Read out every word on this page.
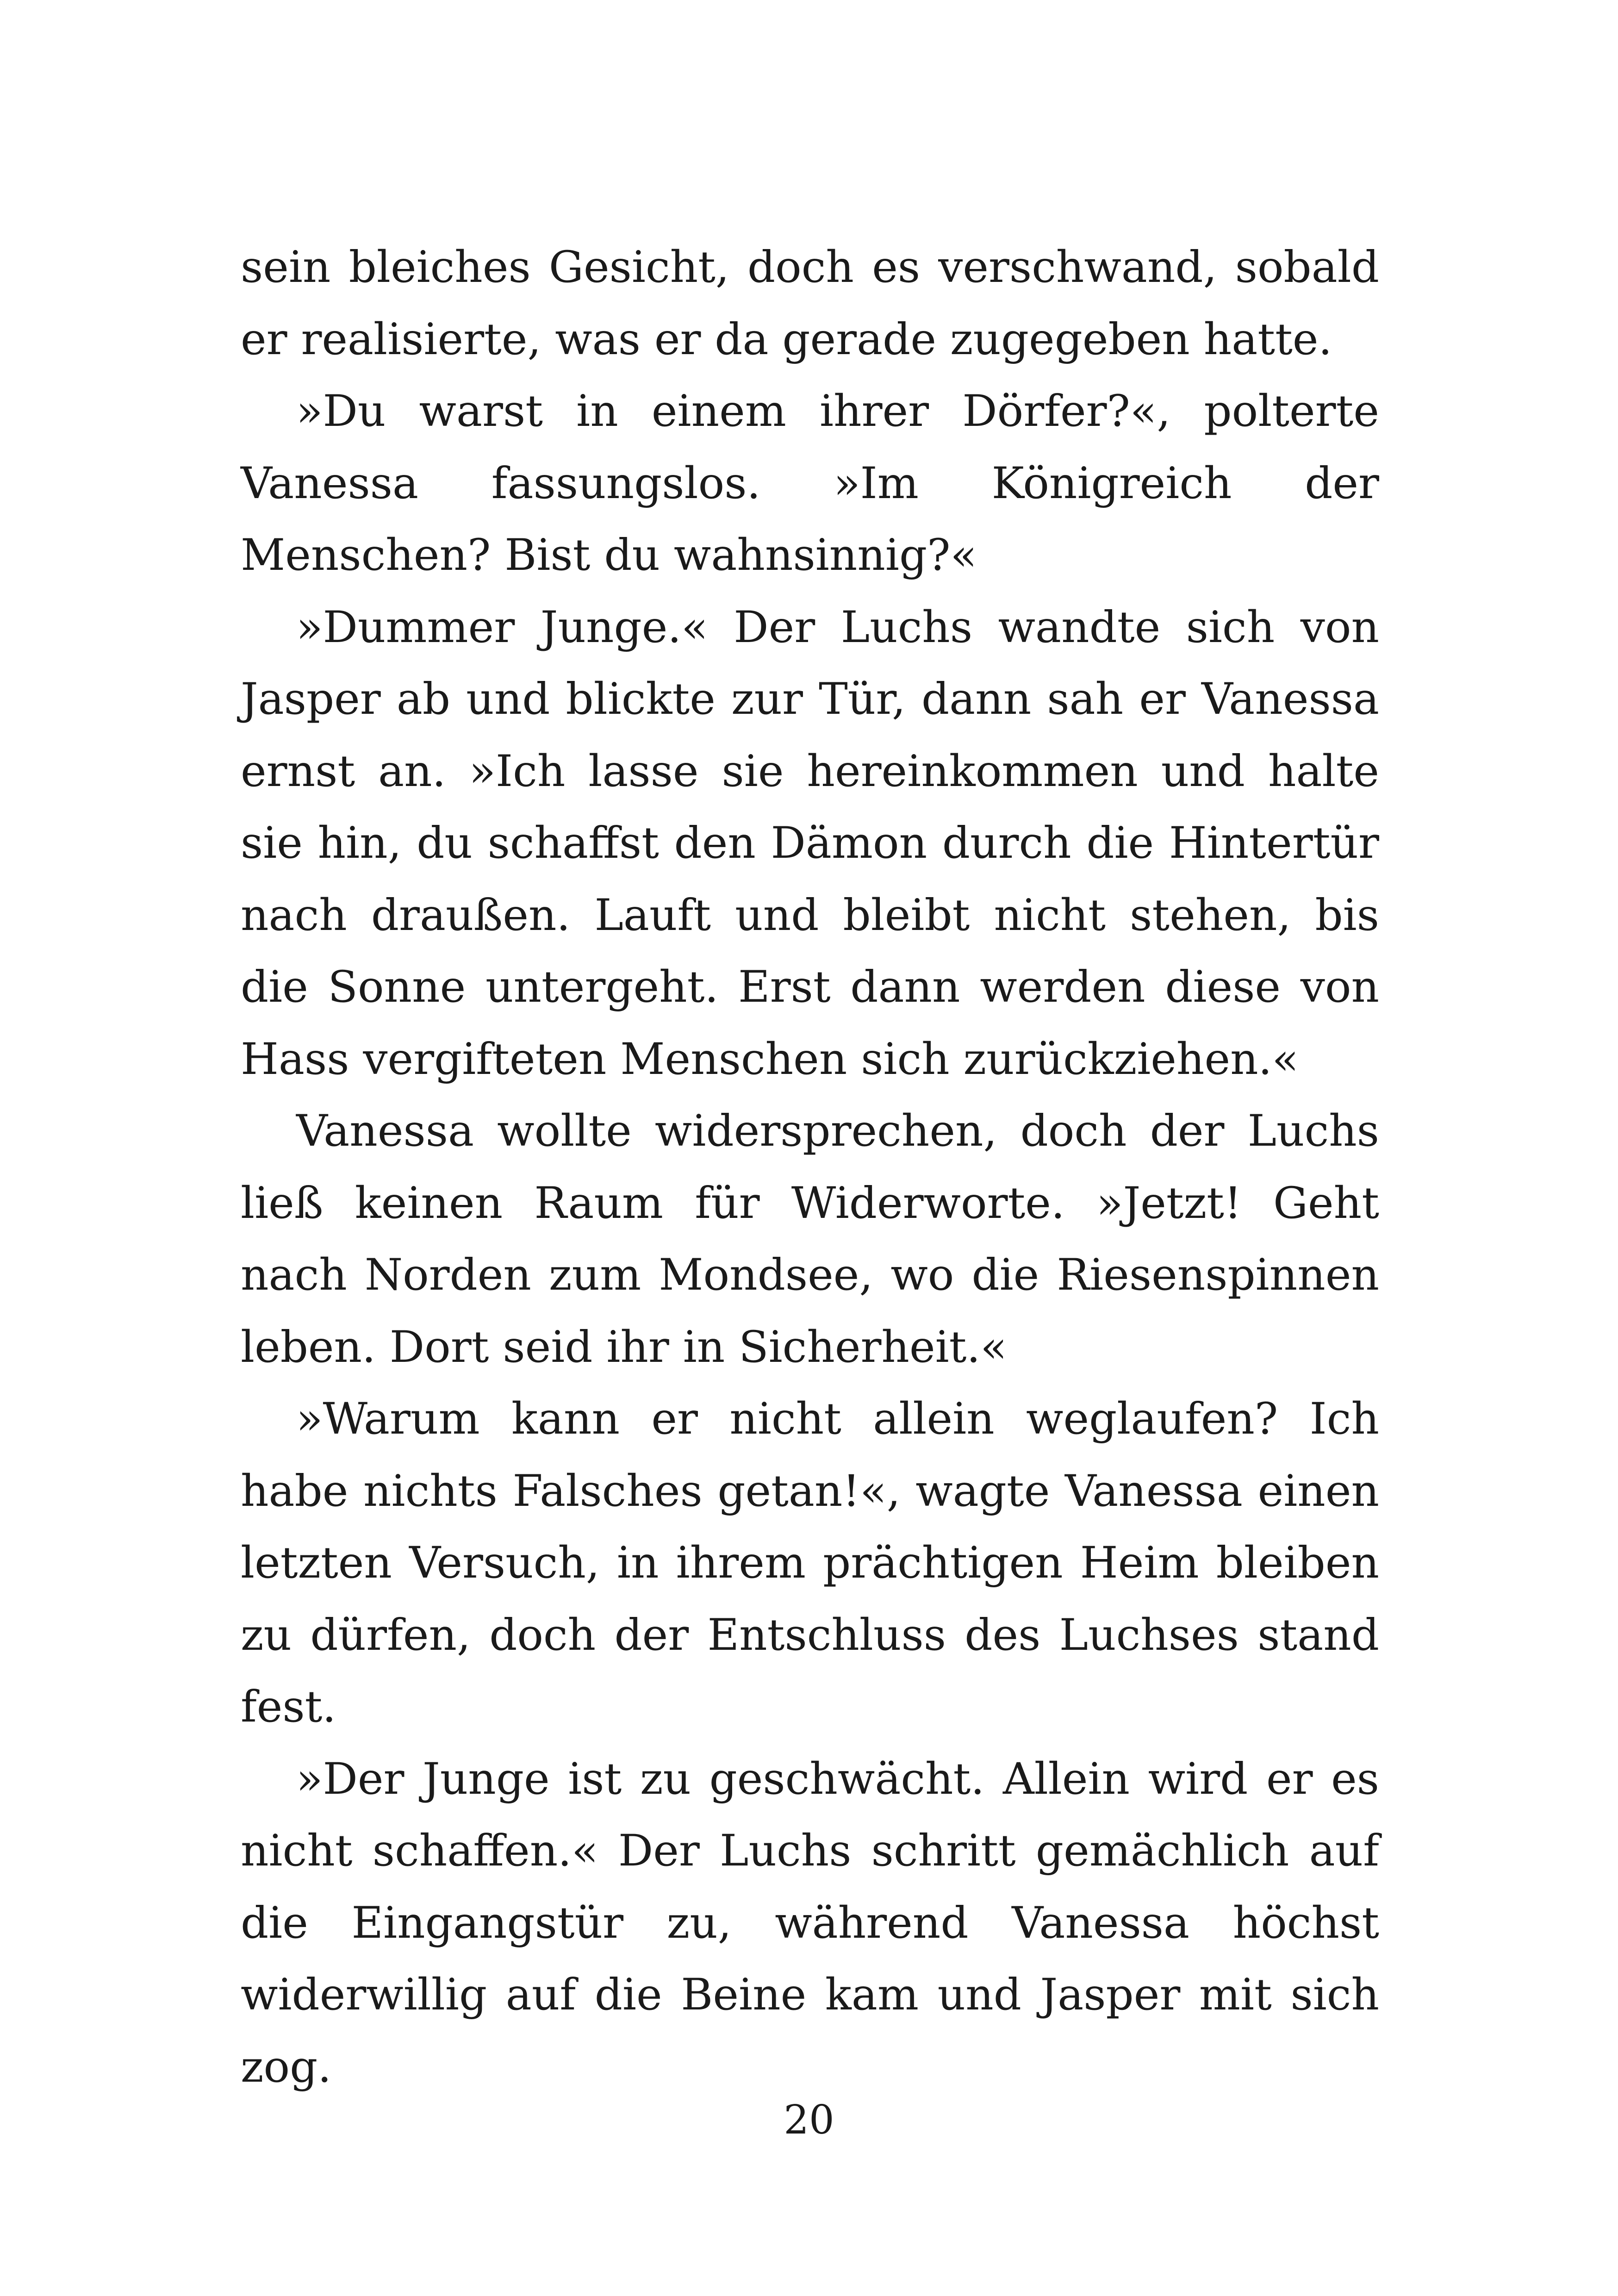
sein bleiches Gesicht, doch es verschwand, sobald er realisierte, was er da gerade zugegeben hatte.

»Du warst in einem ihrer Dörfer?«, polterte Vanessa fassungslos. »Im Königreich der Menschen? Bist du wahnsinnig?«

»Dummer Junge.« Der Luchs wandte sich von Jasper ab und blickte zur Tür, dann sah er Vanessa ernst an. »Ich lasse sie hereinkommen und halte sie hin, du schaffst den Dämon durch die Hintertür nach draußen. Lauft und bleibt nicht stehen, bis die Sonne untergeht. Erst dann werden diese von Hass vergifteten Menschen sich zurückziehen.«

Vanessa wollte widersprechen, doch der Luchs ließ keinen Raum für Widerworte. »Jetzt! Geht nach Norden zum Mondsee, wo die Riesenspinnen leben. Dort seid ihr in Sicherheit.«

»Warum kann er nicht allein weglaufen? Ich habe nichts Falsches getan!«, wagte Vanessa einen letzten Versuch, in ihrem prächtigen Heim bleiben zu dürfen, doch der Entschluss des Luchses stand fest.

»Der Junge ist zu geschwächt. Allein wird er es nicht schaffen.« Der Luchs schritt gemächlich auf die Eingangstür zu, während Vanessa höchst widerwillig auf die Beine kam und Jasper mit sich zog.

20
